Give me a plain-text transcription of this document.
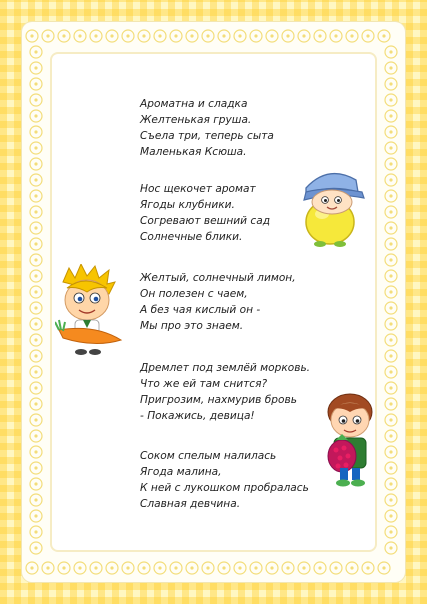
Ароматна и сладка
Желтенькая груша.
Съела три, теперь сыта
Маленькая Ксюша.

Нос щекочет аромат
Ягоды клубники.
Согревают вешний сад
Солнечные блики.

Желтый, солнечный лимон,
Он полезен с чаем,
А без чая кислый он -
Мы про это знаем.

Дремлет под землёй морковь.
Что же ей там снится?
Пригрозим, нахмурив бровь
- Покажись, девица!

Соком спелым налилась
Ягода малина,
К ней с лукошком пробралась
Славная девчина.
